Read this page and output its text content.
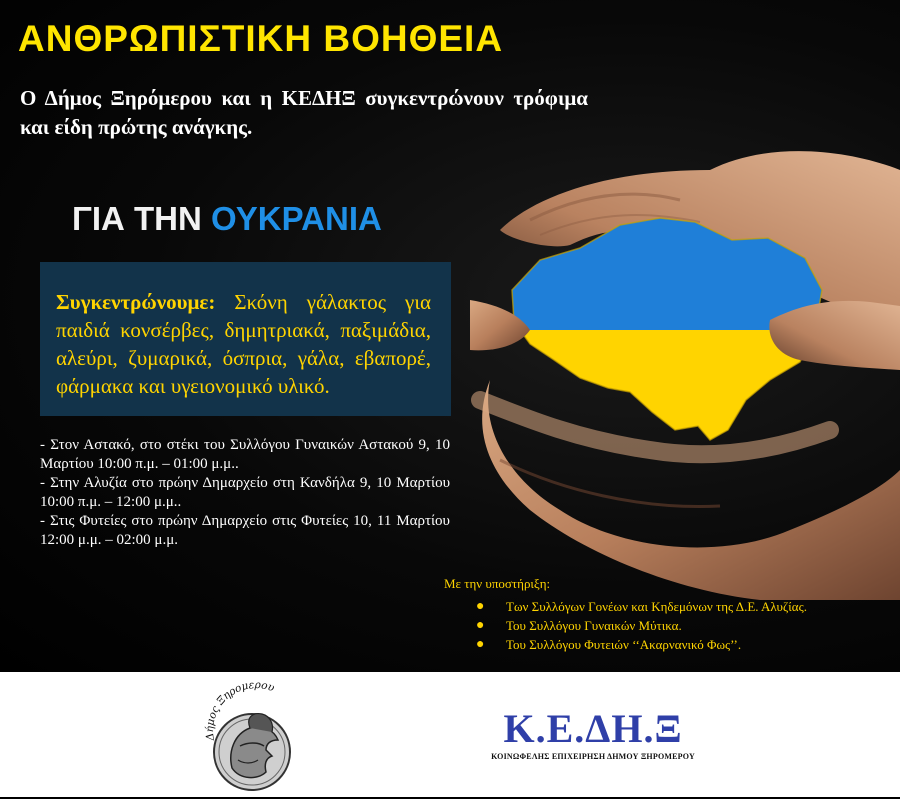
ΑΝΘΡΩΠΙΣΤΙΚΗ ΒΟΗΘΕΙΑ

Ο Δήμος Ξηρόμερου και η ΚΕΔΗΞ συγκεντρώνουν τρόφιμα και είδη πρώτης ανάγκης.

ΓΙΑ ΤΗΝ ΟΥΚΡΑΝΙΑ

Συγκεντρώνουμε: Σκόνη γάλακτος για παιδιά κονσέρβες, δημητριακά, παξιμάδια, αλεύρι, ζυμαρικά, όσπρια, γάλα, εβαπορέ, φάρμακα και υγειονομικό υλικό.

- Στον Αστακό, στο στέκι του Συλλόγου Γυναικών Αστακού 9, 10 Μαρτίου 10:00 π.μ. – 01:00 μ.μ..
- Στην Αλυζία στο πρώην Δημαρχείο στη Κανδήλα 9, 10 Μαρτίου 10:00 π.μ. – 12:00 μ.μ..
- Στις Φυτείες στο πρώην Δημαρχείο στις Φυτείες 10, 11 Μαρτίου 12:00 μ.μ. – 02:00 μ.μ.

Με την υποστήριξη:

● Των Συλλόγων Γονέων και Κηδεμόνων της Δ.Ε. Αλυζίας.
● Του Συλλόγου Γυναικών Μύτικα.
● Του Συλλόγου Φυτειών ‘‘Ακαρνανικό Φως’’.
Δήμος Ξηρομέρου

Κ.Ε.ΔΗ.Ξ

ΚΟΙΝΩΦΕΛΗΣ ΕΠΙΧΕΙΡΗΣΗ ΔΗΜΟΥ ΞΗΡΟΜΕΡΟΥ
